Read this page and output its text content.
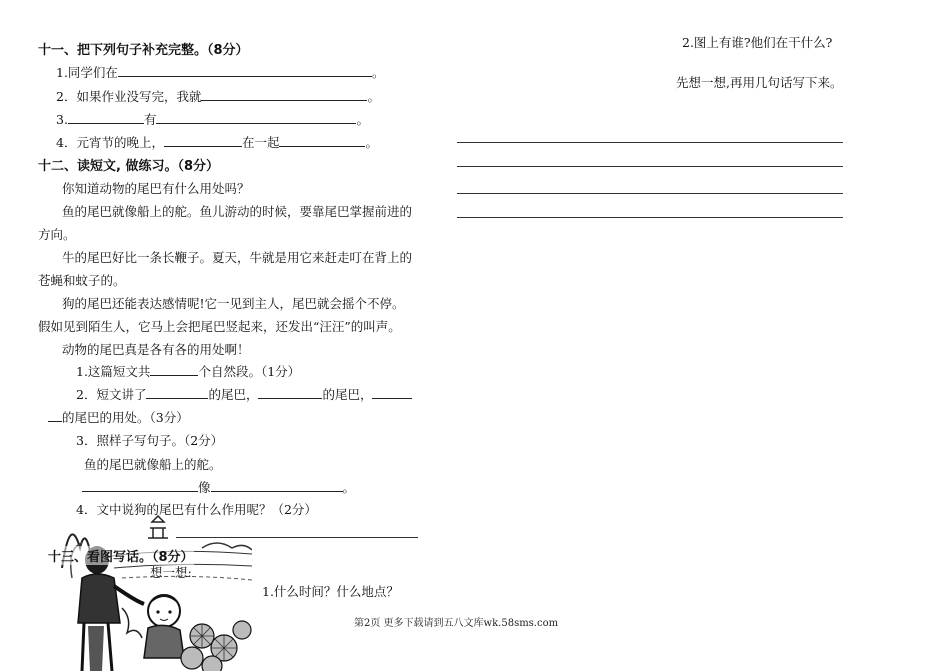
十一、把下列句子补充完整。（8分）
1.同学们在	。
2．如果作业没写完，我就	。
3.	有	。
4．元宵节的晚上，	在一起	。
十二、读短文, 做练习。（8分）
你知道动物的尾巴有什么用处吗？
鱼的尾巴就像船上的舵。鱼儿游动的时候，要靠尾巴掌握前进的
方向。
牛的尾巴好比一条长鞭子。夏天，牛就是用它来赶走叮在背上的
苍蝇和蚊子的。
狗的尾巴还能表达感情呢!它一见到主人，尾巴就会摇个不停。
假如见到陌生人，它马上会把尾巴竖起来，还发出“汪汪”的叫声。
动物的尾巴真是各有各的用处啊！
1.这篇短文共	个自然段。（1分）
2．短文讲了	的尾巴，	的尾巴，
的尾巴的用处。（3分）
3．照样子写句子。（2分）
鱼的尾巴就像船上的舵。
像	。
4．文中说狗的尾巴有什么作用呢？（2分）
十三、看图写话。（8分）
想一想:
1.什么时间？什么地点？
2.图上有谁?他们在干什么?
先想一想,再用几句话写下来。
第2页 更多下载请到五八文库wk.58sms.com
